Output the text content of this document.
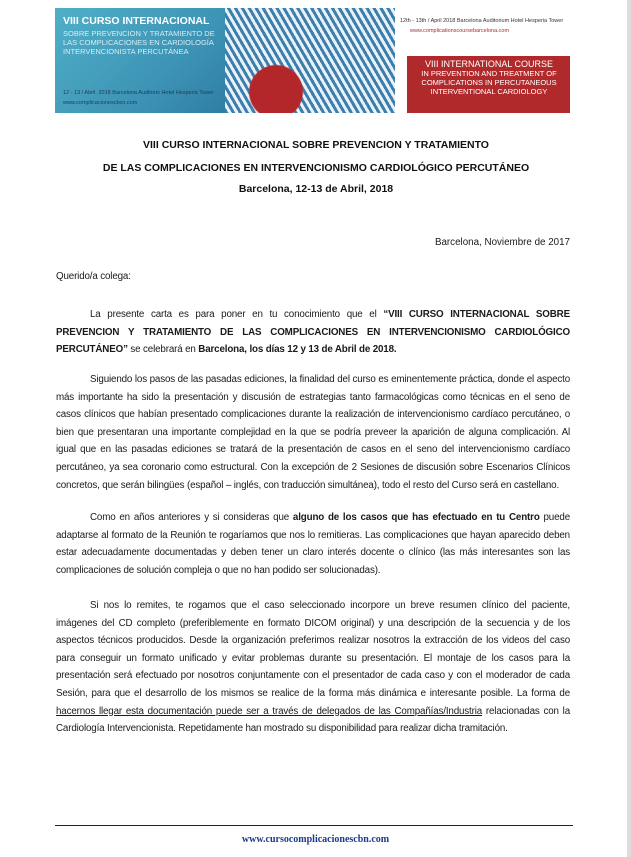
VIII CURSO INTERNACIONAL
SOBRE PREVENCION Y TRATAMIENTO DE
LAS COMPLICACIONES EN CARDIOLOGÍA
INTERVENCIONISTA PERCUTÁNEA
12 - 13 / Abril. 2018 Barcelona Auditorio Hotel Hesperia Tower
www.complicacionescbcn.com
12th - 13th / April 2018 Barcelona Auditorium Hotel Hesperia Tower
www.complicationscoursebarcelona.com
VIII INTERNATIONAL COURSE
IN PREVENTION AND TREATMENT OF
COMPLICATIONS IN PERCUTANEOUS
INTERVENTIONAL CARDIOLOGY
VIII CURSO INTERNACIONAL SOBRE PREVENCION Y TRATAMIENTO
DE LAS COMPLICACIONES EN INTERVENCIONISMO CARDIOLÓGICO PERCUTÁNEO
Barcelona, 12-13 de Abril, 2018
Barcelona, Noviembre de 2017
Querido/a colega:
La presente carta es para poner en tu conocimiento que el “VIII CURSO INTERNACIONAL SOBRE PREVENCION Y TRATAMIENTO DE LAS COMPLICACIONES EN INTERVENCIONISMO CARDIOLÓGICO PERCUTÁNEO” se celebrará en Barcelona, los días 12 y 13 de Abril de 2018.
Siguiendo los pasos de las pasadas ediciones, la finalidad del curso es eminentemente práctica, donde el aspecto más importante ha sido la presentación y discusión de estrategias tanto farmacológicas como técnicas en el seno de casos clínicos que habían presentado complicaciones durante la realización de intervencionismo cardíaco percutáneo, o bien que presentaran una importante complejidad en la que se podría preveer la aparición de alguna complicación. Al igual que en las pasadas ediciones se tratará de la presentación de casos en el seno del intervencionismo cardíaco percutáneo, ya sea coronario como estructural. Con la excepción de 2 Sesiones de discusión sobre Escenarios Clínicos concretos, que serán bilingües (español – inglés, con traducción simultánea), todo el resto del Curso será en castellano.
Como en años anteriores y si consideras que alguno de los casos que has efectuado en tu Centro puede adaptarse al formato de la Reunión te rogaríamos que nos lo remitieras. Las complicaciones que hayan aparecido deben estar adecuadamente documentadas y deben tener un claro interés docente o clínico (las más interesantes son las complicaciones de solución compleja o que no han podido ser solucionadas).
Si nos lo remites, te rogamos que el caso seleccionado incorpore un breve resumen clínico del paciente, imágenes del CD completo (preferiblemente en formato DICOM original) y una descripción de la secuencia y de los aspectos técnicos producidos. Desde la organización preferimos realizar nosotros la extracción de los videos del caso para conseguir un formato unificado y evitar problemas durante su presentación. El montaje de los casos para la presentación será efectuado por nosotros conjuntamente con el presentador de cada caso y con el moderador de cada Sesión, para que el desarrollo de los mismos se realice de la forma más dinámica e interesante posible. La forma de hacernos llegar esta documentación puede ser a través de delegados de las Compañías/Industria relacionadas con la Cardiología Intervencionista. Repetidamente han mostrado su disponibilidad para realizar dicha tramitación.
www.cursocomplicacionescbn.com
